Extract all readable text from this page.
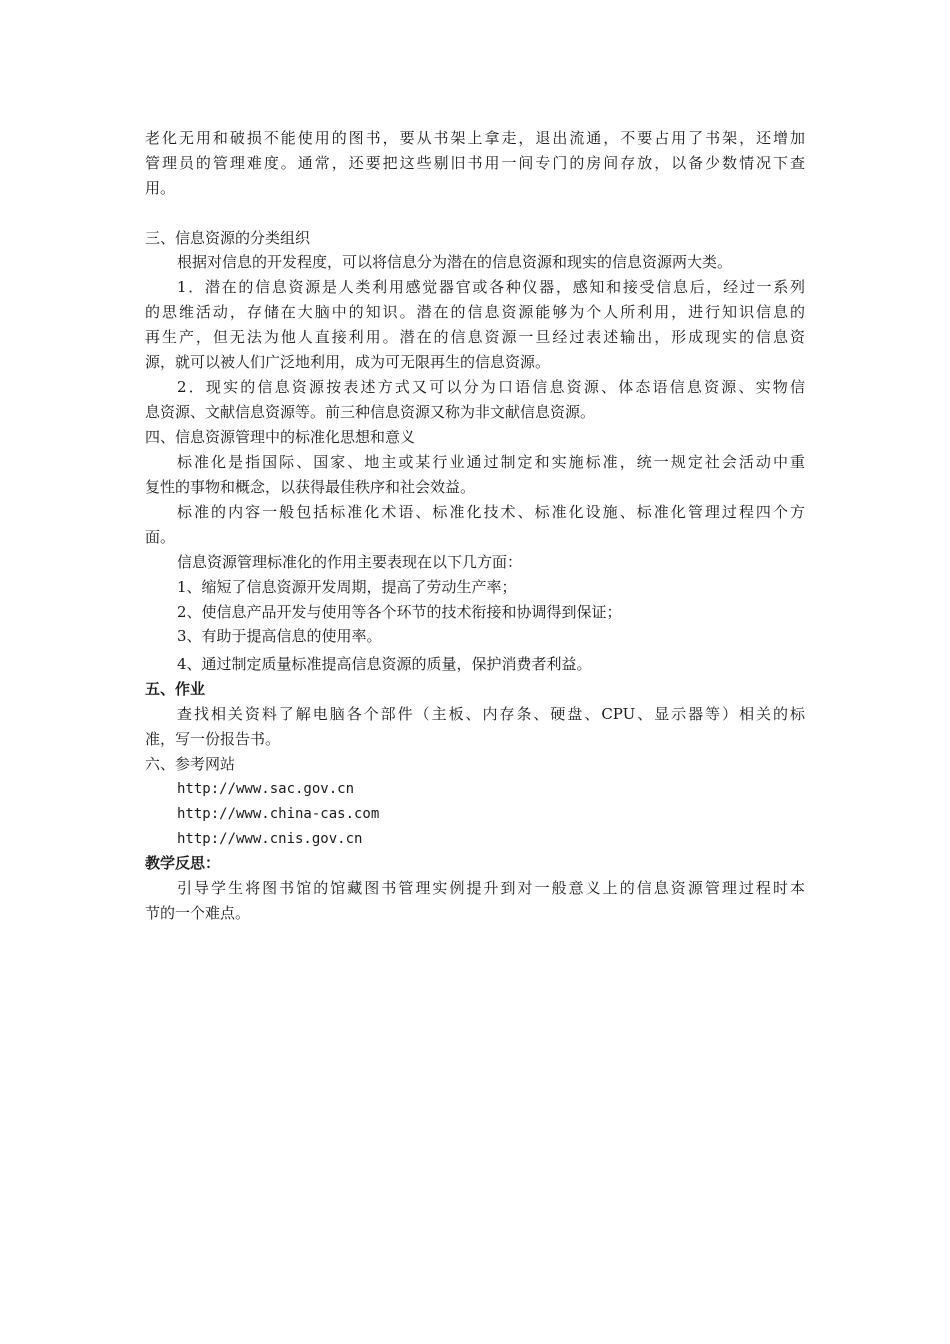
老化无用和破损不能使用的图书，要从书架上拿走，退出流通，不要占用了书架，还增加
管理员的管理难度。通常，还要把这些剔旧书用一间专门的房间存放，以备少数情况下查
用。
三、信息资源的分类组织
根据对信息的开发程度，可以将信息分为潜在的信息资源和现实的信息资源两大类。
1．潜在的信息资源是人类利用感觉器官或各种仪器，感知和接受信息后，经过一系列
的思维活动，存储在大脑中的知识。潜在的信息资源能够为个人所利用，进行知识信息的
再生产，但无法为他人直接利用。潜在的信息资源一旦经过表述输出，形成现实的信息资
源，就可以被人们广泛地利用，成为可无限再生的信息资源。
2．现实的信息资源按表述方式又可以分为口语信息资源、体态语信息资源、实物信
息资源、文献信息资源等。前三种信息资源又称为非文献信息资源。
四、信息资源管理中的标准化思想和意义
标准化是指国际、国家、地主或某行业通过制定和实施标准，统一规定社会活动中重
复性的事物和概念，以获得最佳秩序和社会效益。
标准的内容一般包括标准化术语、标准化技术、标准化设施、标准化管理过程四个方
面。
信息资源管理标准化的作用主要表现在以下几方面：
1、缩短了信息资源开发周期，提高了劳动生产率；
2、使信息产品开发与使用等各个环节的技术衔接和协调得到保证；
3、有助于提高信息的使用率。
4、通过制定质量标准提高信息资源的质量，保护消费者利益。
五、作业
查找相关资料了解电脑各个部件（主板、内存条、硬盘、CPU、显示器等）相关的标
准，写一份报告书。
六、参考网站
http://www.sac.gov.cn
http://www.china-cas.com
http://www.cnis.gov.cn
教学反思：
引导学生将图书馆的馆藏图书管理实例提升到对一般意义上的信息资源管理过程时本
节的一个难点。
